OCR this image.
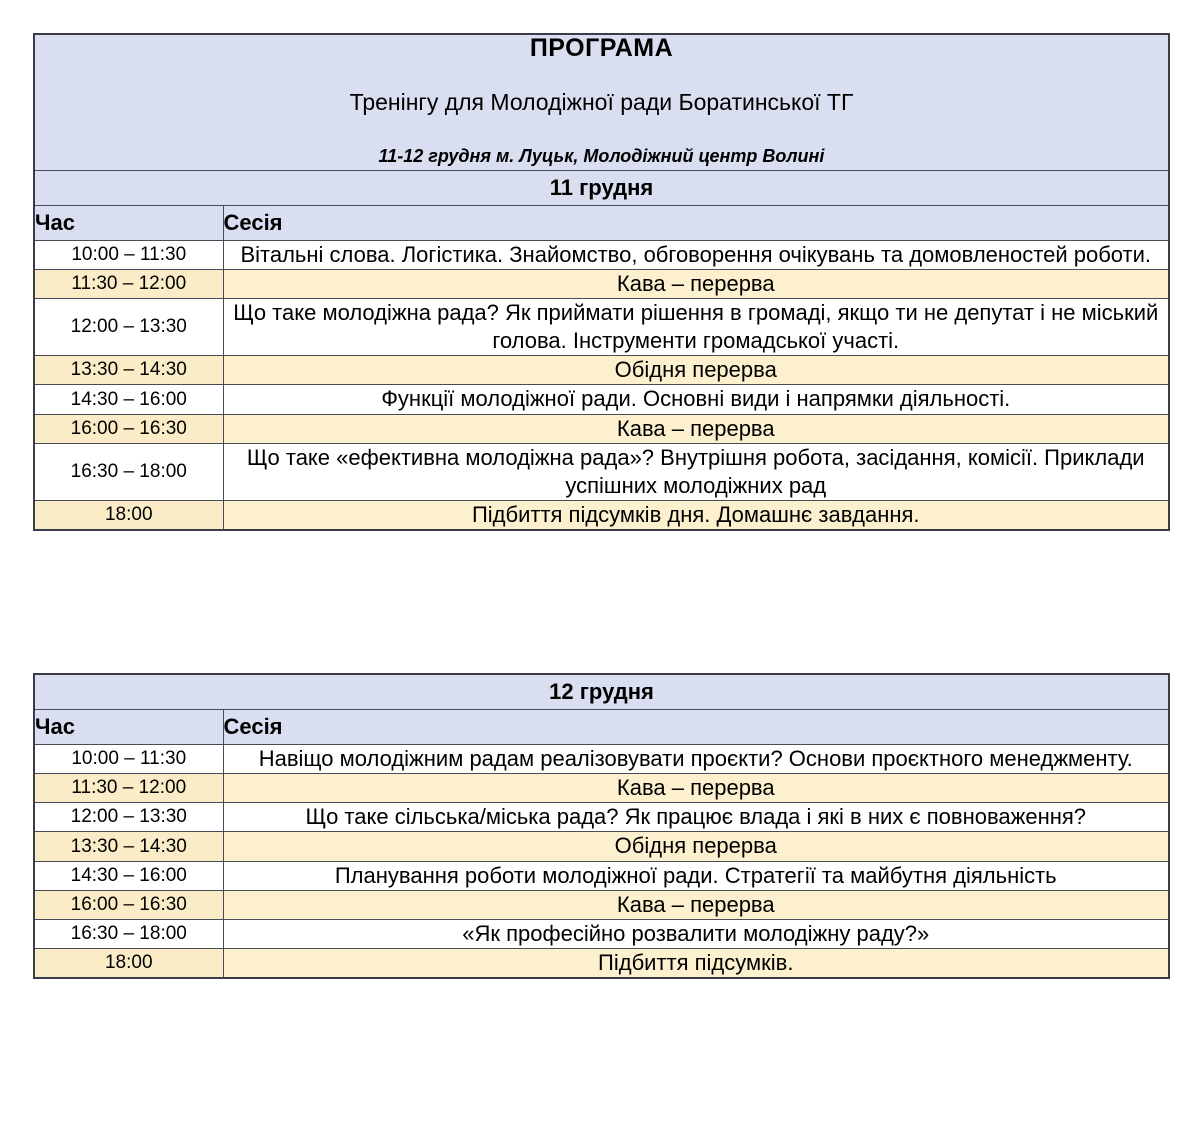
ПРОГРАМА
Тренінгу для Молодіжної ради Боратинської ТГ
11-12 грудня м. Луцьк, Молодіжний центр Волині	

11 грудня	
Час	Сесія
10:00 – 11:30	Вітальні слова. Логістика. Знайомство, обговорення очікувань та домовленостей роботи.
11:30 – 12:00	Кава – перерва
12:00 – 13:30	Що таке молодіжна рада? Як приймати рішення в громаді, якщо ти не депутат і не міський голова. Інструменти громадської участі.
13:30 – 14:30	Обідня перерва
14:30 – 16:00	Функції молодіжної ради. Основні види і напрямки діяльності.
16:00 – 16:30	Кава – перерва
16:30 – 18:00	Що таке «ефективна молодіжна рада»? Внутрішня робота, засідання, комісії. Приклади успішних молодіжних рад
18:00	Підбиття підсумків дня. Домашнє завдання.
12 грудня	
Час	Сесія
10:00 – 11:30	Навіщо молодіжним радам реалізовувати проєкти? Основи проєктного менеджменту.
11:30 – 12:00	Кава – перерва
12:00 – 13:30	Що таке сільська/міська рада? Як працює влада і які в них є повноваження?
13:30 – 14:30	Обідня перерва
14:30 – 16:00	Планування роботи молодіжної ради. Стратегії та майбутня діяльність
16:00 – 16:30	Кава – перерва
16:30 – 18:00	«Як професійно розвалити молодіжну раду?»
18:00	Підбиття підсумків.
